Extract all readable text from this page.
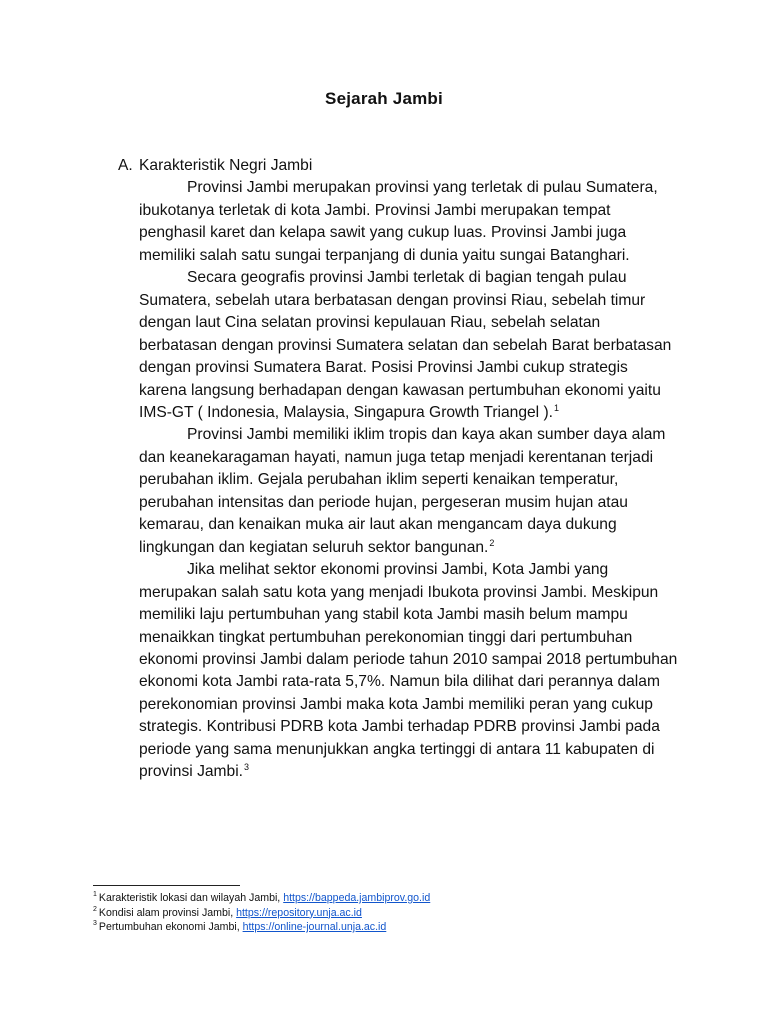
Sejarah Jambi
A. Karakteristik Negri Jambi

Provinsi Jambi merupakan provinsi yang terletak di pulau Sumatera, ibukotanya terletak di kota Jambi. Provinsi Jambi merupakan tempat penghasil karet dan kelapa sawit yang cukup luas. Provinsi Jambi juga memiliki salah satu sungai terpanjang di dunia yaitu sungai Batanghari.

Secara geografis provinsi Jambi terletak di bagian tengah pulau Sumatera, sebelah utara berbatasan dengan provinsi Riau, sebelah timur dengan laut Cina selatan provinsi kepulauan Riau, sebelah selatan berbatasan dengan provinsi Sumatera selatan dan sebelah Barat berbatasan dengan provinsi Sumatera Barat. Posisi Provinsi Jambi cukup strategis karena langsung berhadapan dengan kawasan pertumbuhan ekonomi yaitu IMS-GT ( Indonesia, Malaysia, Singapura Growth Triangel ).$^1$

Provinsi Jambi memiliki iklim tropis dan kaya akan sumber daya alam dan keanekaragaman hayati, namun juga tetap menjadi kerentanan terjadi perubahan iklim. Gejala perubahan iklim seperti kenaikan temperatur, perubahan intensitas dan periode hujan, pergeseran musim hujan atau kemarau, dan kenaikan muka air laut akan mengancam daya dukung lingkungan dan kegiatan seluruh sektor bangunan.$^2$

Jika melihat sektor ekonomi provinsi Jambi, Kota Jambi yang merupakan salah satu kota yang menjadi Ibukota provinsi Jambi. Meskipun memiliki laju pertumbuhan yang stabil kota Jambi masih belum mampu menaikkan tingkat pertumbuhan perekonomian tinggi dari pertumbuhan ekonomi provinsi Jambi dalam periode tahun 2010 sampai 2018 pertumbuhan ekonomi kota Jambi rata-rata 5,7%. Namun bila dilihat dari perannya dalam perekonomian provinsi Jambi maka kota Jambi memiliki peran yang cukup strategis. Kontribusi PDRB kota Jambi terhadap PDRB provinsi Jambi pada periode yang sama menunjukkan angka tertinggi di antara 11 kabupaten di provinsi Jambi.$^3$

$^1$ Karakteristik lokasi dan wilayah Jambi, https://bappeda.jambiprov.go.id
$^2$ Kondisi alam provinsi Jambi, https://repository.unja.ac.id
$^3$ Pertumbuhan ekonomi Jambi, https://online-journal.unja.ac.id
